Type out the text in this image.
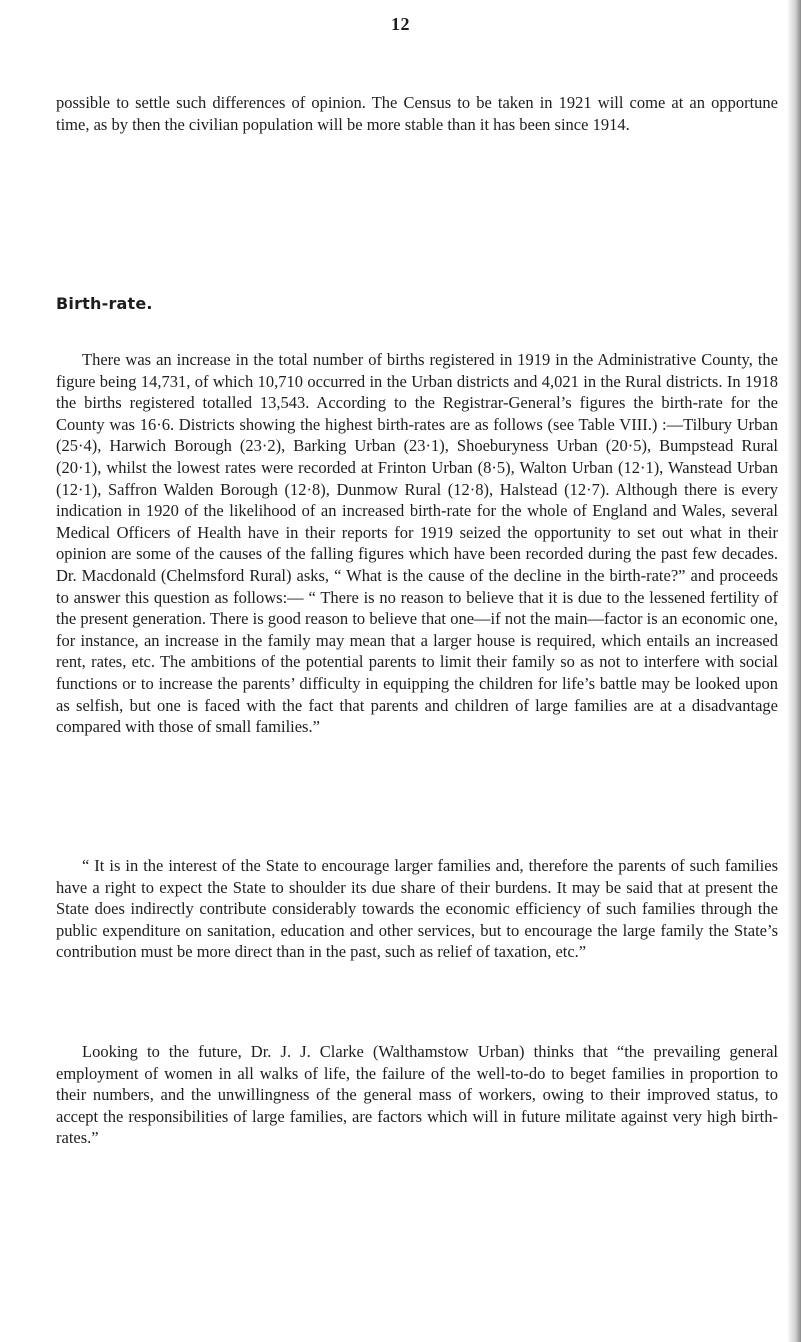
12

possible to settle such differences of opinion. The Census to be taken in 1921 will come at an opportune time, as by then the civilian population will be more stable than it has been since 1914.

Birth-rate.

There was an increase in the total number of births registered in 1919 in the Administrative County, the figure being 14,731, of which 10,710 occurred in the Urban districts and 4,021 in the Rural districts. In 1918 the births registered totalled 13,543. According to the Registrar-General’s figures the birth-rate for the County was 16·6. Districts showing the highest birth-rates are as follows (see Table VIII.) :—Tilbury Urban (25·4), Harwich Borough (23·2), Barking Urban (23·1), Shoeburyness Urban (20·5), Bumpstead Rural (20·1), whilst the lowest rates were recorded at Frinton Urban (8·5), Walton Urban (12·1), Wanstead Urban (12·1), Saffron Walden Borough (12·8), Dunmow Rural (12·8), Halstead (12·7). Although there is every indication in 1920 of the likelihood of an increased birth-rate for the whole of England and Wales, several Medical Officers of Health have in their reports for 1919 seized the opportunity to set out what in their opinion are some of the causes of the falling figures which have been recorded during the past few decades. Dr. Macdonald (Chelmsford Rural) asks, “ What is the cause of the decline in the birth-rate?” and proceeds to answer this question as follows:— “ There is no reason to believe that it is due to the lessened fertility of the present generation. There is good reason to believe that one—if not the main—factor is an economic one, for instance, an increase in the family may mean that a larger house is required, which entails an increased rent, rates, etc. The ambitions of the potential parents to limit their family so as not to interfere with social functions or to increase the parents’ difficulty in equipping the children for life’s battle may be looked upon as selfish, but one is faced with the fact that parents and children of large families are at a disadvantage compared with those of small families.”

“ It is in the interest of the State to encourage larger families and, therefore the parents of such families have a right to expect the State to shoulder its due share of their burdens. It may be said that at present the State does indirectly contribute considerably towards the economic efficiency of such families through the public expenditure on sanitation, education and other services, but to encourage the large family the State’s contribution must be more direct than in the past, such as relief of taxation, etc.”

Looking to the future, Dr. J. J. Clarke (Walthamstow Urban) thinks that “the prevailing general employment of women in all walks of life, the failure of the well-to-do to beget families in proportion to their numbers, and the unwillingness of the general mass of workers, owing to their improved status, to accept the responsibilities of large families, are factors which will in future militate against very high birth-rates.”
